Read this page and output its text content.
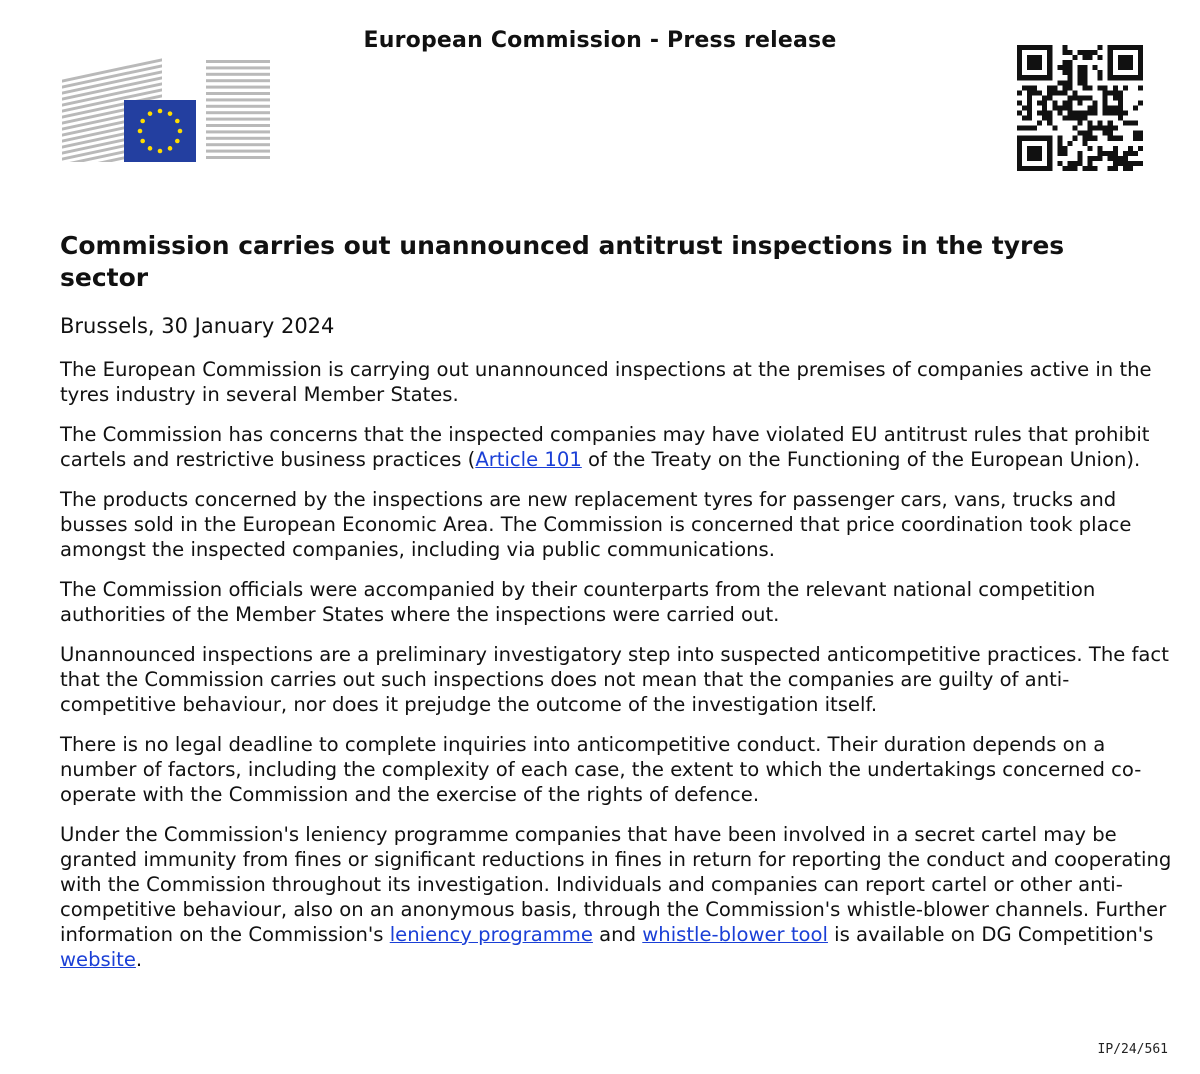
European Commission - Press release
Commission carries out unannounced antitrust inspections in the tyres sector

Brussels, 30 January 2024

The European Commission is carrying out unannounced inspections at the premises of companies active in the tyres industry in several Member States.

The Commission has concerns that the inspected companies may have violated EU antitrust rules that prohibit cartels and restrictive business practices (Article 101 of the Treaty on the Functioning of the European Union).

The products concerned by the inspections are new replacement tyres for passenger cars, vans, trucks and busses sold in the European Economic Area. The Commission is concerned that price coordination took place amongst the inspected companies, including via public communications.

The Commission officials were accompanied by their counterparts from the relevant national competition authorities of the Member States where the inspections were carried out.

Unannounced inspections are a preliminary investigatory step into suspected anticompetitive practices. The fact that the Commission carries out such inspections does not mean that the companies are guilty of anti-competitive behaviour, nor does it prejudge the outcome of the investigation itself.

There is no legal deadline to complete inquiries into anticompetitive conduct. Their duration depends on a number of factors, including the complexity of each case, the extent to which the undertakings concerned co-operate with the Commission and the exercise of the rights of defence.

Under the Commission's leniency programme companies that have been involved in a secret cartel may be granted immunity from fines or significant reductions in fines in return for reporting the conduct and cooperating with the Commission throughout its investigation. Individuals and companies can report cartel or other anti-competitive behaviour, also on an anonymous basis, through the Commission's whistle-blower channels. Further information on the Commission's leniency programme and whistle-blower tool is available on DG Competition's website.

IP/24/561
